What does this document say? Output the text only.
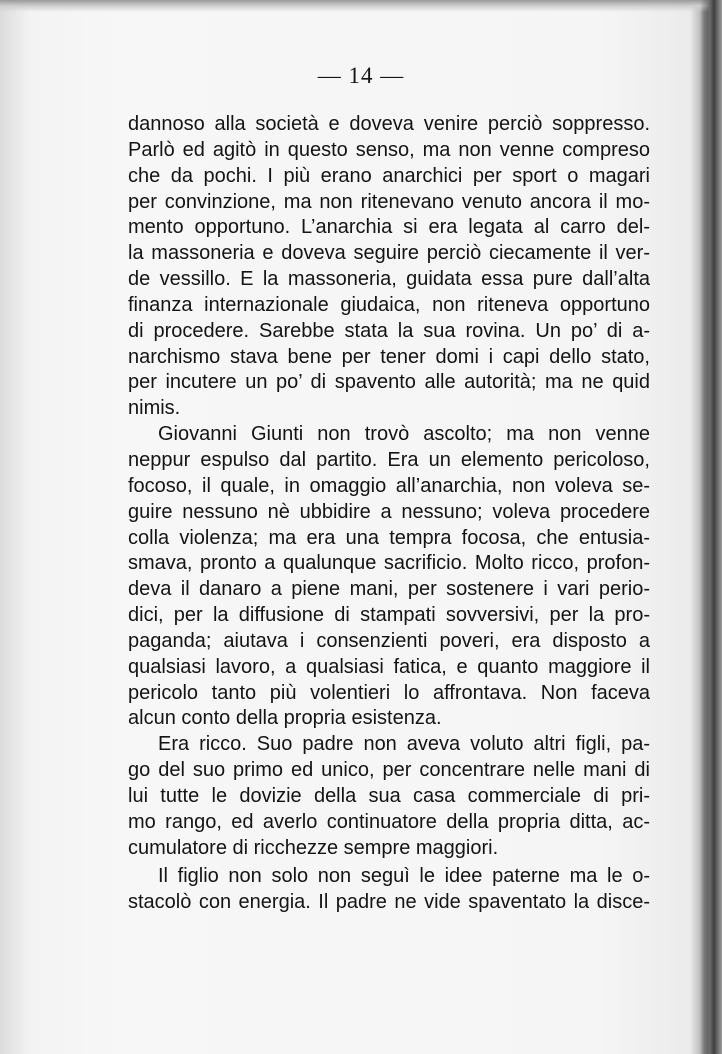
— 14 —
dannoso alla società e doveva venire perciò soppresso.
Parlò ed agitò in questo senso, ma non venne compreso
che da pochi. I più erano anarchici per sport o magari
per convinzione, ma non ritenevano venuto ancora il mo-
mento opportuno. L’anarchia si era legata al carro del-
la massoneria e doveva seguire perciò ciecamente il ver-
de vessillo. E la massoneria, guidata essa pure dall’alta
finanza internazionale giudaica, non riteneva opportuno
di procedere. Sarebbe stata la sua rovina. Un po’ di a-
narchismo stava bene per tener domi i capi dello stato,
per incutere un po’ di spavento alle autorità; ma ne quid
nimis.
Giovanni Giunti non trovò ascolto; ma non venne
neppur espulso dal partito. Era un elemento pericoloso,
focoso, il quale, in omaggio all’anarchia, non voleva se-
guire nessuno nè ubbidire a nessuno; voleva procedere
colla violenza; ma era una tempra focosa, che entusia-
smava, pronto a qualunque sacrificio. Molto ricco, profon-
deva il danaro a piene mani, per sostenere i vari perio-
dici, per la diffusione di stampati sovversivi, per la pro-
paganda; aiutava i consenzienti poveri, era disposto a
qualsiasi lavoro, a qualsiasi fatica, e quanto maggiore il
pericolo tanto più volentieri lo affrontava. Non faceva
alcun conto della propria esistenza.
Era ricco. Suo padre non aveva voluto altri figli, pa-
go del suo primo ed unico, per concentrare nelle mani di
lui tutte le dovizie della sua casa commerciale di pri-
mo rango, ed averlo continuatore della propria ditta, ac-
cumulatore di ricchezze sempre maggiori.
Il figlio non solo non seguì le idee paterne ma le o-
stacolò con energia. Il padre ne vide spaventato la disce-
